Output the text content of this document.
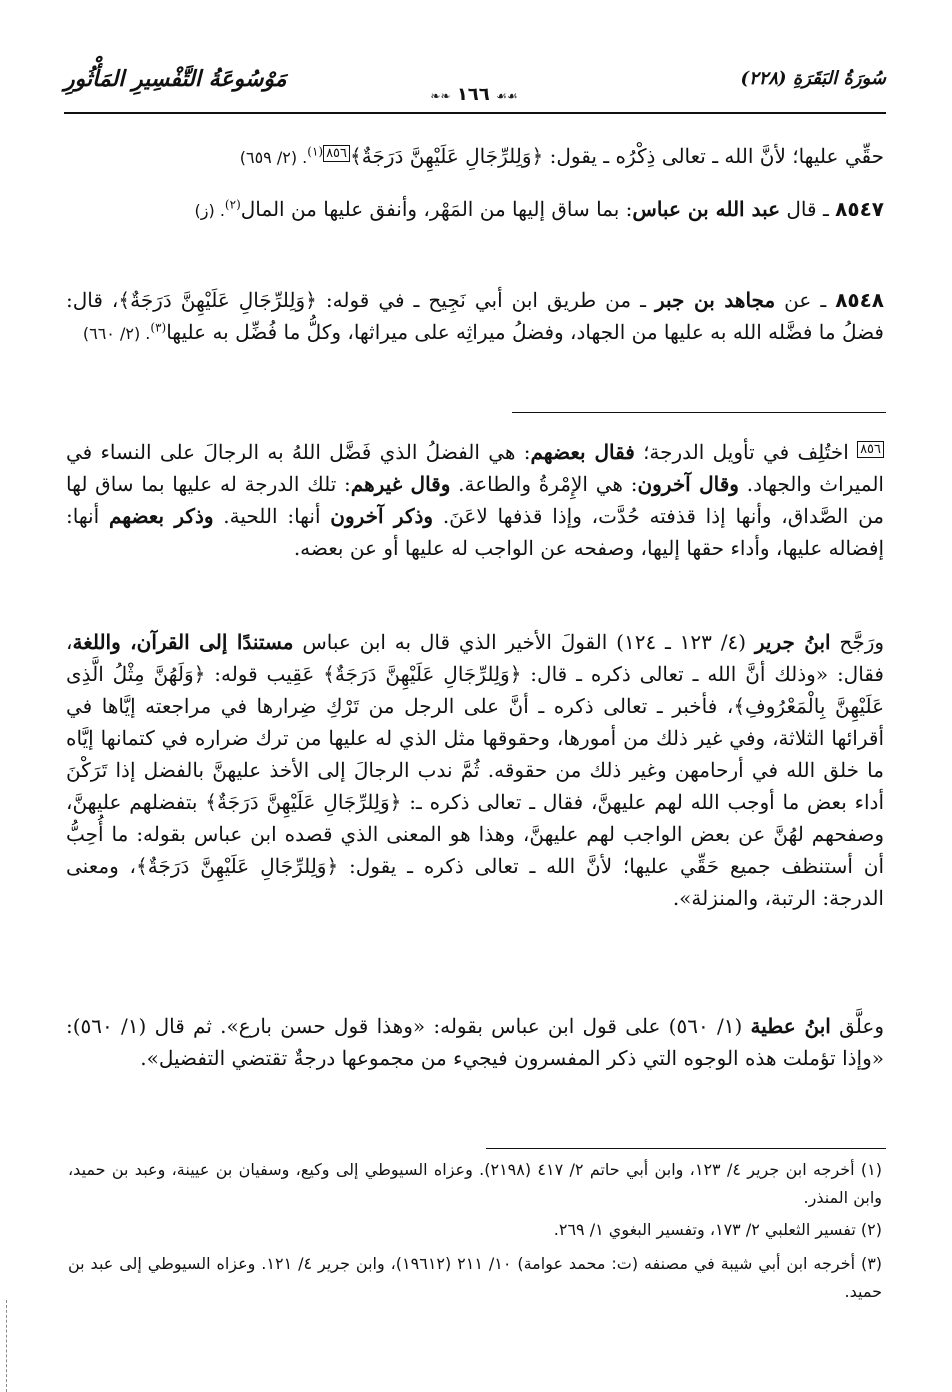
مَوْسُوعَةُ التَّفْسِيرِ المَأْثُورِ
❧❧ ١٦٦ ☙☙
سُورَةُ البَقَرَةِ (٢٢٨)
حقِّي عليها؛ لأنَّ الله ـ تعالى ذِكْرُه ـ يقول: ﴿وَلِلرِّجَالِ عَلَيْهِنَّ دَرَجَةٌ﴾٨٥٦$^{(١)}$. (٢/ ٦٥٩)
٨٥٤٧ ـ قال عبد الله بن عباس: بما ساق إليها من المَهْر، وأنفق عليها من المال$^{(٢)}$. (ز)
٨٥٤٨ ـ عن مجاهد بن جبر ـ من طريق ابن أبي نَجِيح ـ في قوله: ﴿وَلِلرِّجَالِ عَلَيْهِنَّ دَرَجَةٌ﴾، قال: فضلُ ما فضَّله الله به عليها من الجهاد، وفضلُ ميراثِه على ميراثها، وكلُّ ما فُضِّل به عليها$^{(٣)}$. (٢/ ٦٦٠)
٨٥٦ اختُلِف في تأويل الدرجة؛ فقال بعضهم: هي الفضلُ الذي فَضَّل اللهُ به الرجالَ على النساء في الميراث والجهاد. وقال آخرون: هي الإِمْرةُ والطاعة. وقال غيرهم: تلك الدرجة له عليها بما ساق لها من الصَّداق، وأنها إذا قذفته حُدَّت، وإذا قذفها لاعَنَ. وذكر آخرون أنها: اللحية. وذكر بعضهم أنها: إفضاله عليها، وأداء حقها إليها، وصفحه عن الواجب له عليها أو عن بعضه.
ورَجَّح ابنُ جرير (٤/ ١٢٣ ـ ١٢٤) القولَ الأخير الذي قال به ابن عباس مستندًا إلى القرآن، واللغة، فقال: «وذلك أنَّ الله ـ تعالى ذكره ـ قال: ﴿وَلِلرِّجَالِ عَلَيْهِنَّ دَرَجَةٌ﴾ عَقِيب قوله: ﴿وَلَهُنَّ مِثْلُ الَّذِى عَلَيْهِنَّ بِالْمَعْرُوفِ﴾، فأخبر ـ تعالى ذكره ـ أنَّ على الرجل من تَرْكِ ضِرارها في مراجعته إيَّاها في أقرائها الثلاثة، وفي غير ذلك من أمورها، وحقوقها مثل الذي له عليها من ترك ضراره في كتمانها إيَّاه ما خلق الله في أرحامهن وغير ذلك من حقوقه. ثُمَّ ندب الرجالَ إلى الأخذ عليهنَّ بالفضل إذا تَرَكْنَ أداء بعض ما أوجب الله لهم عليهنَّ، فقال ـ تعالى ذكره ـ: ﴿وَلِلرِّجَالِ عَلَيْهِنَّ دَرَجَةٌ﴾ بتفضلهم عليهنَّ، وصفحهم لهُنَّ عن بعض الواجب لهم عليهنَّ، وهذا هو المعنى الذي قصده ابن عباس بقوله: ما أُحِبُّ أن أستنظف جميع حَقِّي عليها؛ لأنَّ الله ـ تعالى ذكره ـ يقول: ﴿وَلِلرِّجَالِ عَلَيْهِنَّ دَرَجَةٌ﴾، ومعنى الدرجة: الرتبة، والمنزلة».
وعلَّق ابنُ عطية (١/ ٥٦٠) على قول ابن عباس بقوله: «وهذا قول حسن بارع». ثم قال (١/ ٥٦٠): «وإذا تؤملت هذه الوجوه التي ذكر المفسرون فيجيء من مجموعها درجةٌ تقتضي التفضيل».
(١) أخرجه ابن جرير ٤/ ١٢٣، وابن أبي حاتم ٢/ ٤١٧ (٢١٩٨). وعزاه السيوطي إلى وكيع، وسفيان بن عيينة، وعبد بن حميد، وابن المنذر.
(٢) تفسير الثعلبي ٢/ ١٧٣، وتفسير البغوي ١/ ٢٦٩.
(٣) أخرجه ابن أبي شيبة في مصنفه (ت: محمد عوامة) ١٠/ ٢١١ (١٩٦١٢)، وابن جرير ٤/ ١٢١. وعزاه السيوطي إلى عبد بن حميد.
